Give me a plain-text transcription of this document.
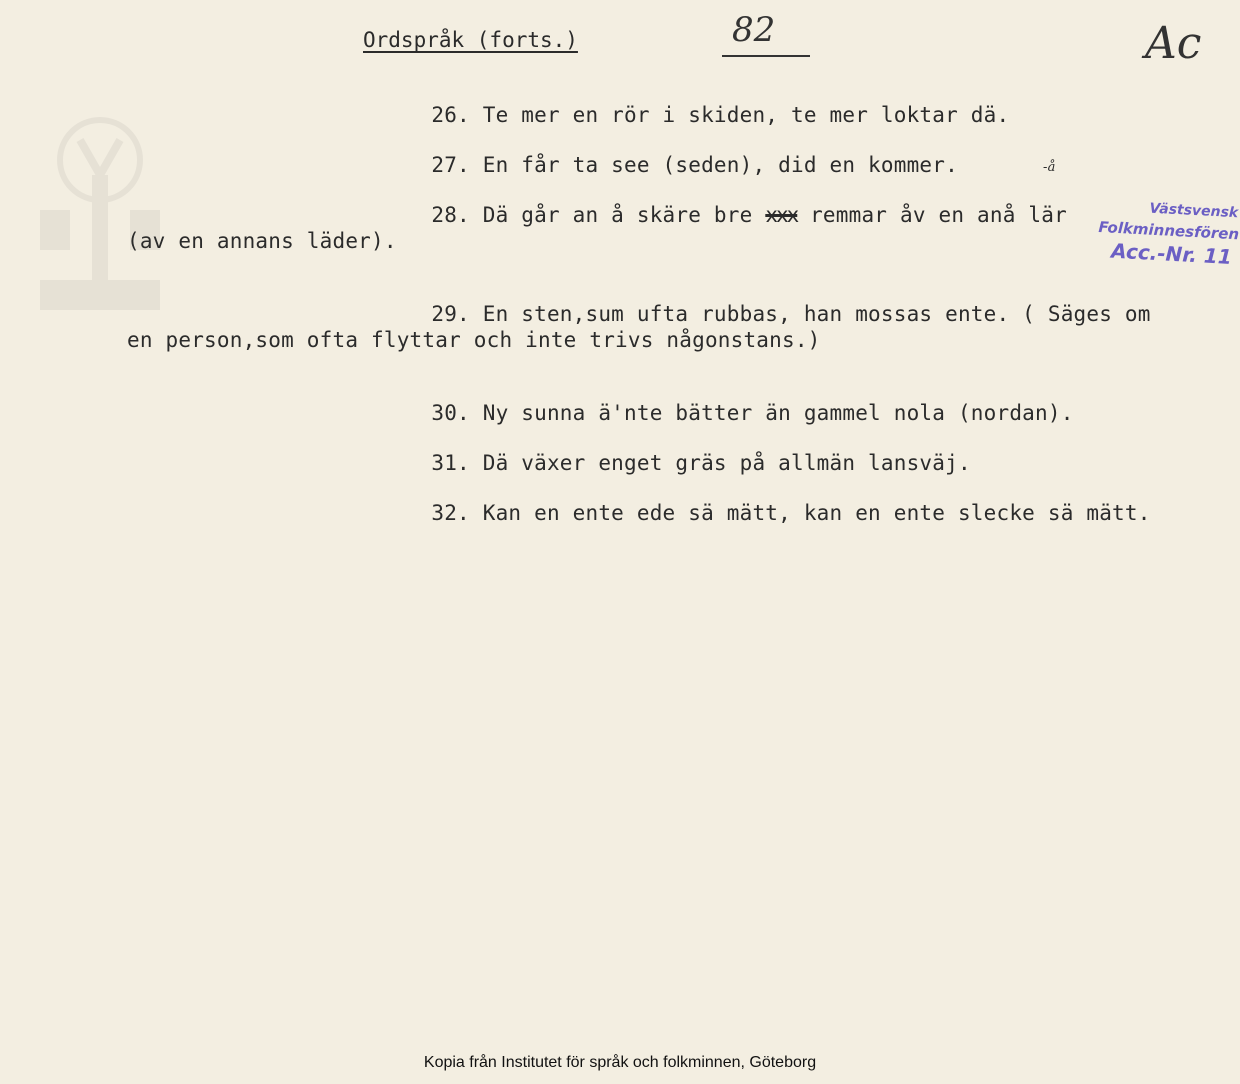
Ordspråk (forts.)	82	Ac

26. Te mer en rör i skiden, te mer loktar dä.

27. En får ta see (seden), did en kommer.

28. Dä går an å skäre bre xxx remmar åv en anå lär

-å
(av en annans läder).

29. En sten,sum ufta rubbas, han mossas ente. ( Säges om

en person,som ofta flyttar och inte trivs någonstans.)

30. Ny sunna ä'nte bätter än gammel nola (nordan).

31. Dä växer enget gräs på allmän lansväj.

32. Kan en ente ede sä mätt, kan en ente slecke sä mätt.

Västsvensk
Folkminnesfören
Acc.-Nr. 11
Kopia från Institutet för språk och folkminnen, Göteborg
